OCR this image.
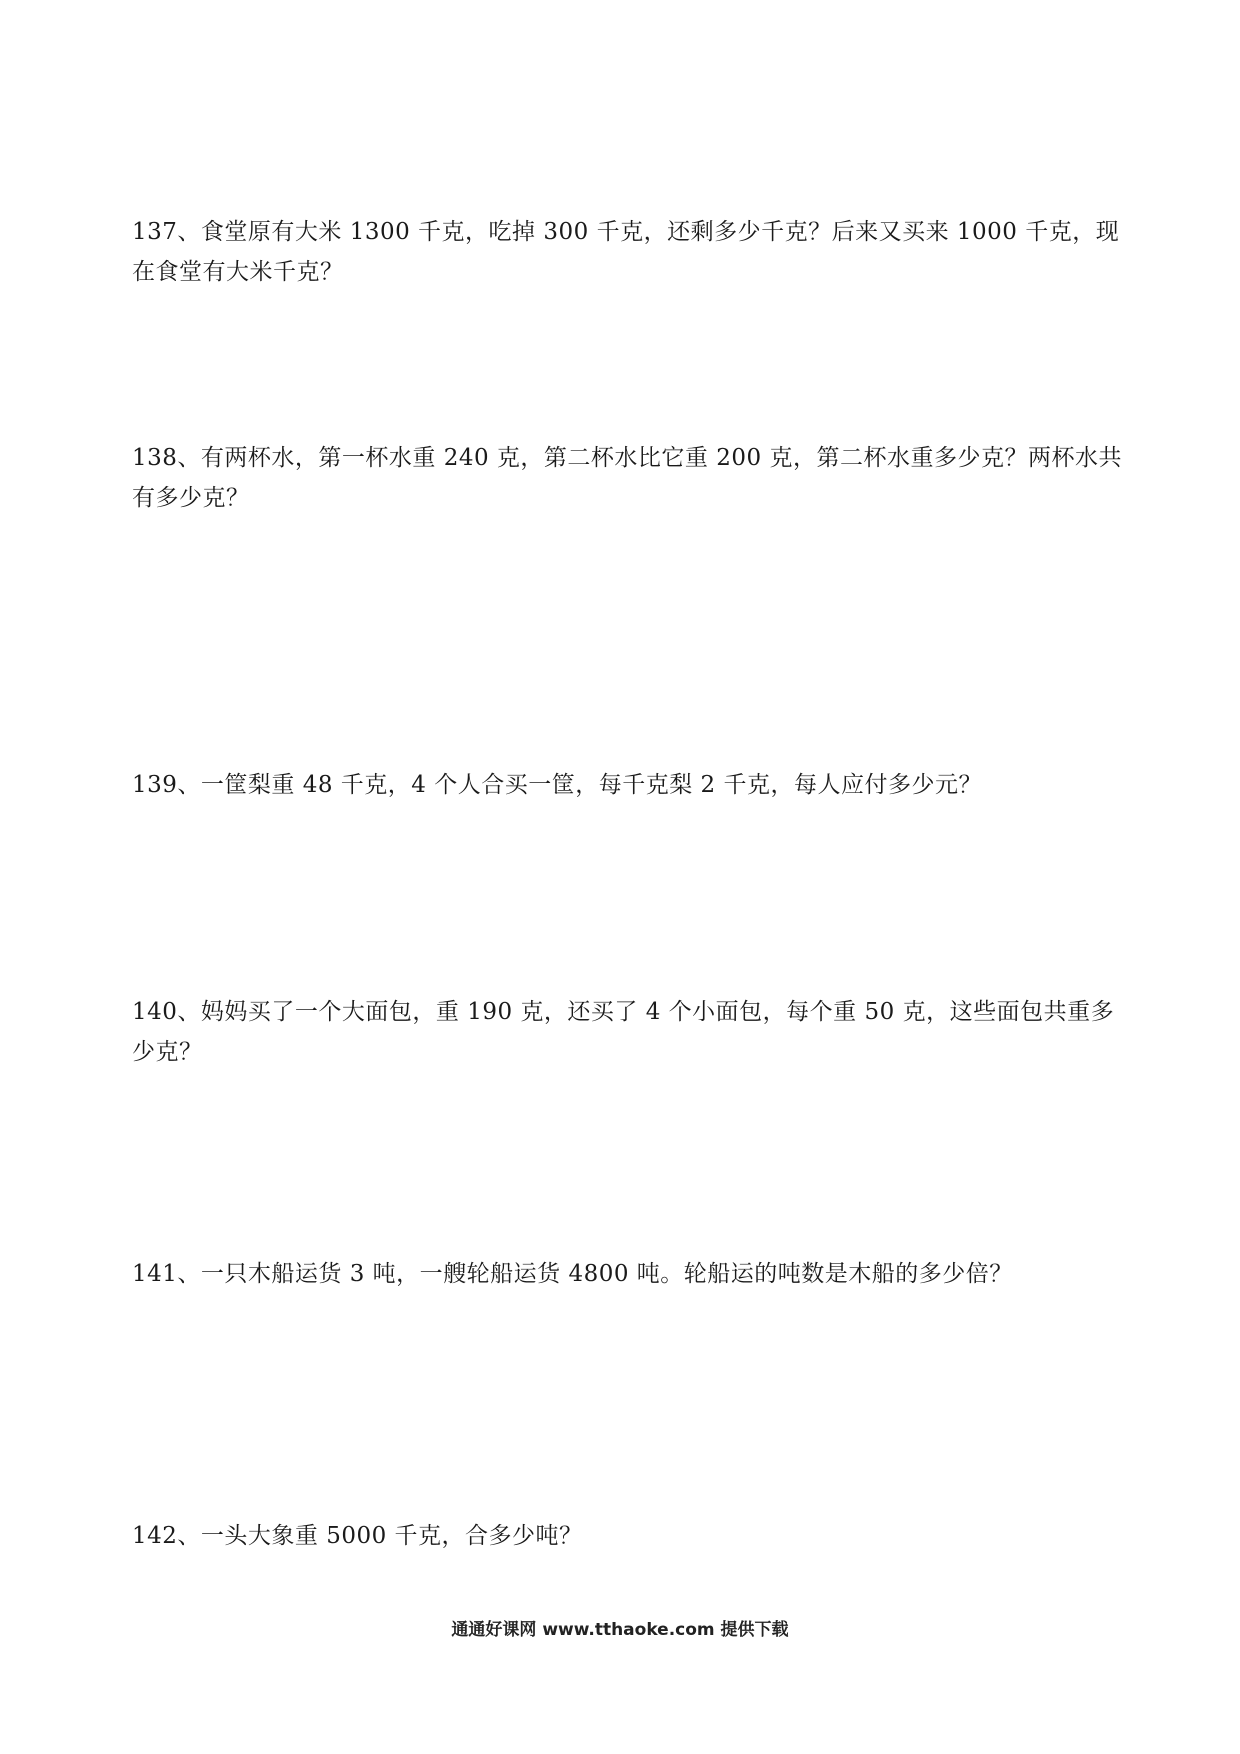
137、食堂原有大米 1300 千克，吃掉 300 千克，还剩多少千克？后来又买来 1000 千克，现在食堂有大米千克？

138、有两杯水，第一杯水重 240 克，第二杯水比它重 200 克，第二杯水重多少克？两杯水共有多少克？

139、一筐梨重 48 千克，4 个人合买一筐，每千克梨 2 千克，每人应付多少元？

140、妈妈买了一个大面包，重 190 克，还买了 4 个小面包，每个重 50 克，这些面包共重多少克？

141、一只木船运货 3 吨，一艘轮船运货 4800 吨。轮船运的吨数是木船的多少倍？

142、一头大象重 5000 千克，合多少吨？

通通好课网 www.tthaoke.com 提供下载
